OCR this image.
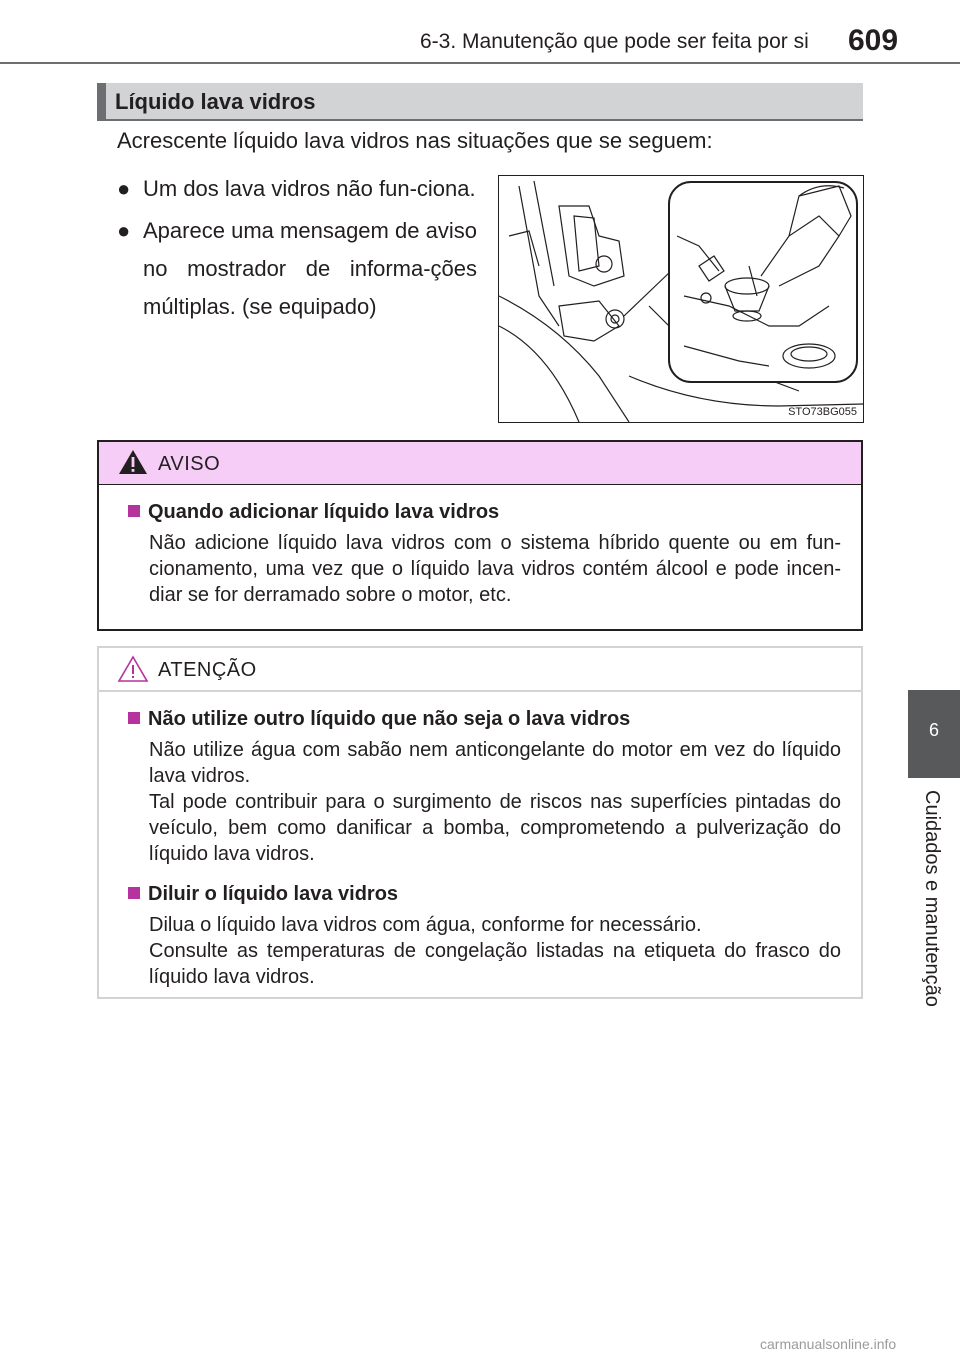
6-3. Manutenção que pode ser feita por si 609
6
Cuidados e manutenção
Líquido lava vidros
Acrescente líquido lava vidros nas situações que se seguem:
● Um dos lava vidros não fun-ciona.
● Aparece uma mensagem de aviso no mostrador de informa-ções múltiplas. (se equipado)
STO73BG055
AVISO
Quando adicionar líquido lava vidros

Não adicione líquido lava vidros com o sistema híbrido quente ou em fun-cionamento, uma vez que o líquido lava vidros contém álcool e pode incen-diar se for derramado sobre o motor, etc.

ATENÇÃO
Não utilize outro líquido que não seja o lava vidros

Não utilize água com sabão nem anticongelante do motor em vez do líquido lava vidros.

Tal pode contribuir para o surgimento de riscos nas superfícies pintadas do veículo, bem como danificar a bomba, comprometendo a pulverização do líquido lava vidros.

Diluir o líquido lava vidros

Dilua o líquido lava vidros com água, conforme for necessário.

Consulte as temperaturas de congelação listadas na etiqueta do frasco do líquido lava vidros.

carmanualsonline.info
